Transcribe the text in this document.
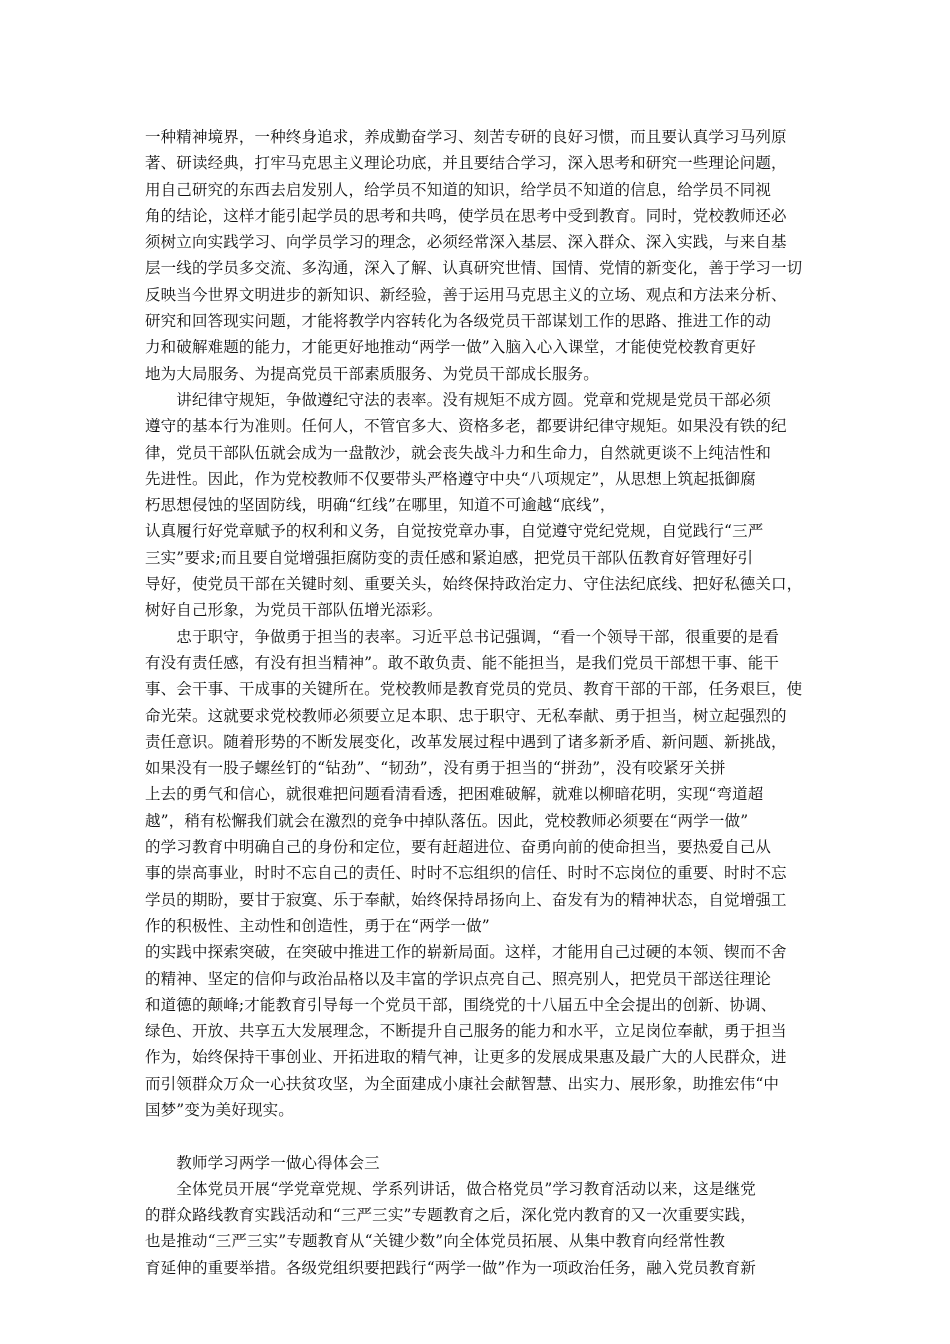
一种精神境界，一种终身追求，养成勤奋学习、刻苦专研的良好习惯，而且要认真学习马列原
著、研读经典，打牢马克思主义理论功底，并且要结合学习，深入思考和研究一些理论问题，
用自己研究的东西去启发别人，给学员不知道的知识，给学员不知道的信息，给学员不同视
角的结论，这样才能引起学员的思考和共鸣，使学员在思考中受到教育。同时，党校教师还必
须树立向实践学习、向学员学习的理念，必须经常深入基层、深入群众、深入实践，与来自基
层一线的学员多交流、多沟通，深入了解、认真研究世情、国情、党情的新变化，善于学习一切
反映当今世界文明进步的新知识、新经验，善于运用马克思主义的立场、观点和方法来分析、
研究和回答现实问题，才能将教学内容转化为各级党员干部谋划工作的思路、推进工作的动
力和破解难题的能力，才能更好地推动“两学一做”入脑入心入课堂，才能使党校教育更好
地为大局服务、为提高党员干部素质服务、为党员干部成长服务。
　　讲纪律守规矩，争做遵纪守法的表率。没有规矩不成方圆。党章和党规是党员干部必须
遵守的基本行为准则。任何人，不管官多大、资格多老，都要讲纪律守规矩。如果没有铁的纪
律，党员干部队伍就会成为一盘散沙，就会丧失战斗力和生命力，自然就更谈不上纯洁性和
先进性。因此，作为党校教师不仅要带头严格遵守中央“八项规定”，从思想上筑起抵御腐
朽思想侵蚀的坚固防线，明确“红线”在哪里，知道不可逾越“底线”，
认真履行好党章赋予的权利和义务，自觉按党章办事，自觉遵守党纪党规，自觉践行“三严
三实”要求;而且要自觉增强拒腐防变的责任感和紧迫感，把党员干部队伍教育好管理好引
导好，使党员干部在关键时刻、重要关头，始终保持政治定力、守住法纪底线、把好私德关口，
树好自己形象，为党员干部队伍增光添彩。
　　忠于职守，争做勇于担当的表率。习近平总书记强调，“看一个领导干部，很重要的是看
有没有责任感，有没有担当精神”。敢不敢负责、能不能担当，是我们党员干部想干事、能干
事、会干事、干成事的关键所在。党校教师是教育党员的党员、教育干部的干部，任务艰巨，使
命光荣。这就要求党校教师必须要立足本职、忠于职守、无私奉献、勇于担当，树立起强烈的
责任意识。随着形势的不断发展变化，改革发展过程中遇到了诸多新矛盾、新问题、新挑战，
如果没有一股子螺丝钉的“钻劲”、“韧劲”，没有勇于担当的“拼劲”，没有咬紧牙关拼
上去的勇气和信心，就很难把问题看清看透，把困难破解，就难以柳暗花明，实现“弯道超
越”，稍有松懈我们就会在激烈的竞争中掉队落伍。因此，党校教师必须要在“两学一做”
的学习教育中明确自己的身份和定位，要有赶超进位、奋勇向前的使命担当，要热爱自己从
事的崇高事业，时时不忘自己的责任、时时不忘组织的信任、时时不忘岗位的重要、时时不忘
学员的期盼，要甘于寂寞、乐于奉献，始终保持昂扬向上、奋发有为的精神状态，自觉增强工
作的积极性、主动性和创造性，勇于在“两学一做”
的实践中探索突破，在突破中推进工作的崭新局面。这样，才能用自己过硬的本领、锲而不舍
的精神、坚定的信仰与政治品格以及丰富的学识点亮自己、照亮别人，把党员干部送往理论
和道德的颠峰;才能教育引导每一个党员干部，围绕党的十八届五中全会提出的创新、协调、
绿色、开放、共享五大发展理念，不断提升自己服务的能力和水平，立足岗位奉献，勇于担当
作为，始终保持干事创业、开拓进取的精气神，让更多的发展成果惠及最广大的人民群众，进
而引领群众万众一心扶贫攻坚，为全面建成小康社会献智慧、出实力、展形象，助推宏伟“中
国梦”变为美好现实。
　　教师学习两学一做心得体会三
　　全体党员开展“学党章党规、学系列讲话，做合格党员”学习教育活动以来，这是继党
的群众路线教育实践活动和“三严三实”专题教育之后，深化党内教育的又一次重要实践，
也是推动“三严三实”专题教育从“关键少数”向全体党员拓展、从集中教育向经常性教
育延伸的重要举措。各级党组织要把践行“两学一做”作为一项政治任务，融入党员教育新
